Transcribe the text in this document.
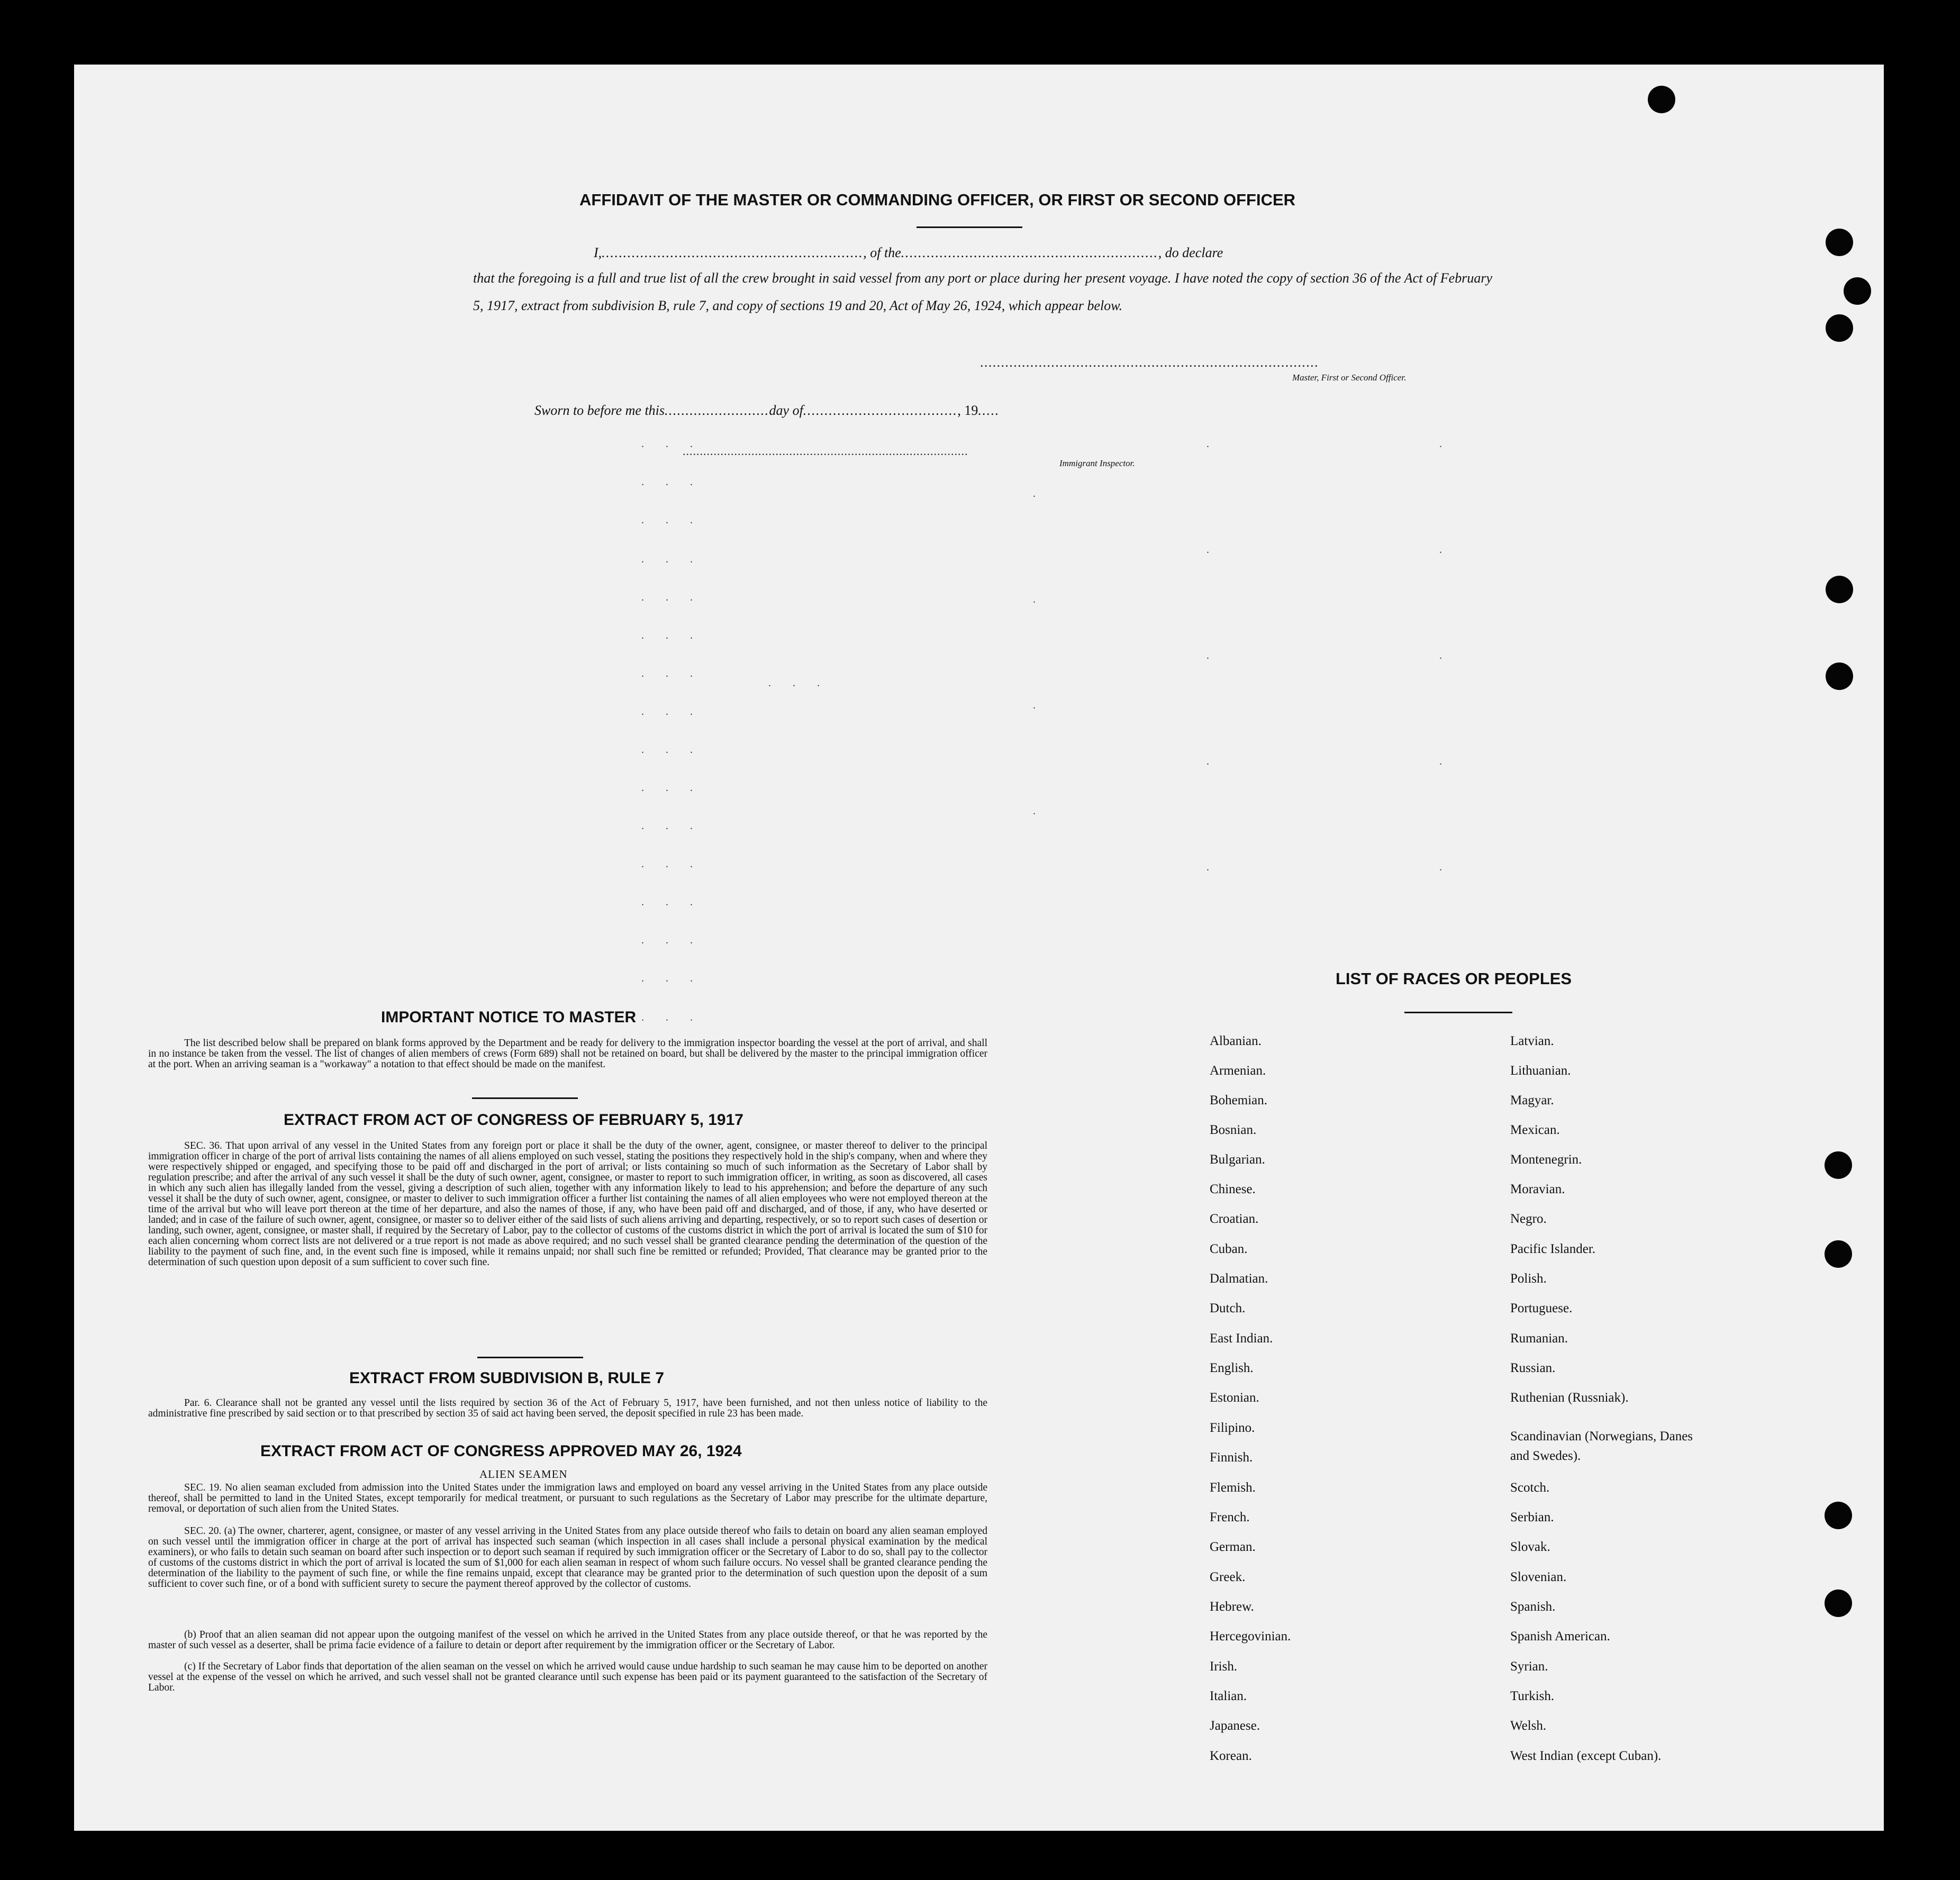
AFFIDAVIT OF THE MASTER OR COMMANDING OFFICER, OR FIRST OR SECOND OFFICER
I,............................................................., of the............................................................, do declare
that the foregoing is a full and true list of all the crew brought in said vessel from any port or place during her present voyage. I have noted the copy of section 36 of the Act of February 5, 1917, extract from subdivision B, rule 7, and copy of sections 19 and 20, Act of May 26, 1924, which appear below.
.................................................................................
Master, First or Second Officer.
Sworn to before me this.........................day of...................................., 19.....
...................................................................................
Immigrant Inspector.
. . .
. . .
. . .
. . .
. . .
. . .
. . .
. . .
. . .
. . .
. . .
. . .
. . .
. . .
. . .
. . .
. . .
.
.
.
.
.
.
.
.
.
.
.
.
.
.
IMPORTANT NOTICE TO MASTER
The list described below shall be prepared on blank forms approved by the Department and be ready for delivery to the immigration inspector boarding the vessel at the port of arrival, and shall in no instance be taken from the vessel. The list of changes of alien members of crews (Form 689) shall not be retained on board, but shall be delivered by the master to the principal immigration officer at the port. When an arriving seaman is a "workaway" a notation to that effect should be made on the manifest.
EXTRACT FROM ACT OF CONGRESS OF FEBRUARY 5, 1917
SEC. 36. That upon arrival of any vessel in the United States from any foreign port or place it shall be the duty of the owner, agent, consignee, or master thereof to deliver to the principal immigration officer in charge of the port of arrival lists containing the names of all aliens employed on such vessel, stating the positions they respectively hold in the ship's company, when and where they were respectively shipped or engaged, and specifying those to be paid off and discharged in the port of arrival; or lists containing so much of such information as the Secretary of Labor shall by regulation prescribe; and after the arrival of any such vessel it shall be the duty of such owner, agent, consignee, or master to report to such immigration officer, in writing, as soon as discovered, all cases in which any such alien has illegally landed from the vessel, giving a description of such alien, together with any information likely to lead to his apprehension; and before the departure of any such vessel it shall be the duty of such owner, agent, consignee, or master to deliver to such immigration officer a further list containing the names of all alien employees who were not employed thereon at the time of the arrival but who will leave port thereon at the time of her departure, and also the names of those, if any, who have been paid off and discharged, and of those, if any, who have deserted or landed; and in case of the failure of such owner, agent, consignee, or master so to deliver either of the said lists of such aliens arriving and departing, respectively, or so to report such cases of desertion or landing, such owner, agent, consignee, or master shall, if required by the Secretary of Labor, pay to the collector of customs of the customs district in which the port of arrival is located the sum of $10 for each alien concerning whom correct lists are not delivered or a true report is not made as above required; and no such vessel shall be granted clearance pending the determination of the question of the liability to the payment of such fine, and, in the event such fine is imposed, while it remains unpaid; nor shall such fine be remitted or refunded; Provided, That clearance may be granted prior to the determination of such question upon deposit of a sum sufficient to cover such fine.
EXTRACT FROM SUBDIVISION B, RULE 7
Par. 6. Clearance shall not be granted any vessel until the lists required by section 36 of the Act of February 5, 1917, have been furnished, and not then unless notice of liability to the administrative fine prescribed by said section or to that prescribed by section 35 of said act having been served, the deposit specified in rule 23 has been made.
EXTRACT FROM ACT OF CONGRESS APPROVED MAY 26, 1924
ALIEN SEAMEN
SEC. 19. No alien seaman excluded from admission into the United States under the immigration laws and employed on board any vessel arriving in the United States from any place outside thereof, shall be permitted to land in the United States, except temporarily for medical treatment, or pursuant to such regulations as the Secretary of Labor may prescribe for the ultimate departure, removal, or deportation of such alien from the United States.
SEC. 20. (a) The owner, charterer, agent, consignee, or master of any vessel arriving in the United States from any place outside thereof who fails to detain on board any alien seaman employed on such vessel until the immigration officer in charge at the port of arrival has inspected such seaman (which inspection in all cases shall include a personal physical examination by the medical examiners), or who fails to detain such seaman on board after such inspection or to deport such seaman if required by such immigration officer or the Secretary of Labor to do so, shall pay to the collector of customs of the customs district in which the port of arrival is located the sum of $1,000 for each alien seaman in respect of whom such failure occurs. No vessel shall be granted clearance pending the determination of the liability to the payment of such fine, or while the fine remains unpaid, except that clearance may be granted prior to the determination of such question upon the deposit of a sum sufficient to cover such fine, or of a bond with sufficient surety to secure the payment thereof approved by the collector of customs.
(b) Proof that an alien seaman did not appear upon the outgoing manifest of the vessel on which he arrived in the United States from any place outside thereof, or that he was reported by the master of such vessel as a deserter, shall be prima facie evidence of a failure to detain or deport after requirement by the immigration officer or the Secretary of Labor.
(c) If the Secretary of Labor finds that deportation of the alien seaman on the vessel on which he arrived would cause undue hardship to such seaman he may cause him to be deported on another vessel at the expense of the vessel on which he arrived, and such vessel shall not be granted clearance until such expense has been paid or its payment guaranteed to the satisfaction of the Secretary of Labor.
LIST OF RACES OR PEOPLES
Albanian.
Armenian.
Bohemian.
Bosnian.
Bulgarian.
Chinese.
Croatian.
Cuban.
Dalmatian.
Dutch.
East Indian.
English.
Estonian.
Filipino.
Finnish.
Flemish.
French.
German.
Greek.
Hebrew.
Hercegovinian.
Irish.
Italian.
Japanese.
Korean.
Latvian.
Lithuanian.
Magyar.
Mexican.
Montenegrin.
Moravian.
Negro.
Pacific Islander.
Polish.
Portuguese.
Rumanian.
Russian.
Ruthenian (Russniak).
Scandinavian (Norwegians, Danes and Swedes).
Scotch.
Serbian.
Slovak.
Slovenian.
Spanish.
Spanish American.
Syrian.
Turkish.
Welsh.
West Indian (except Cuban).
